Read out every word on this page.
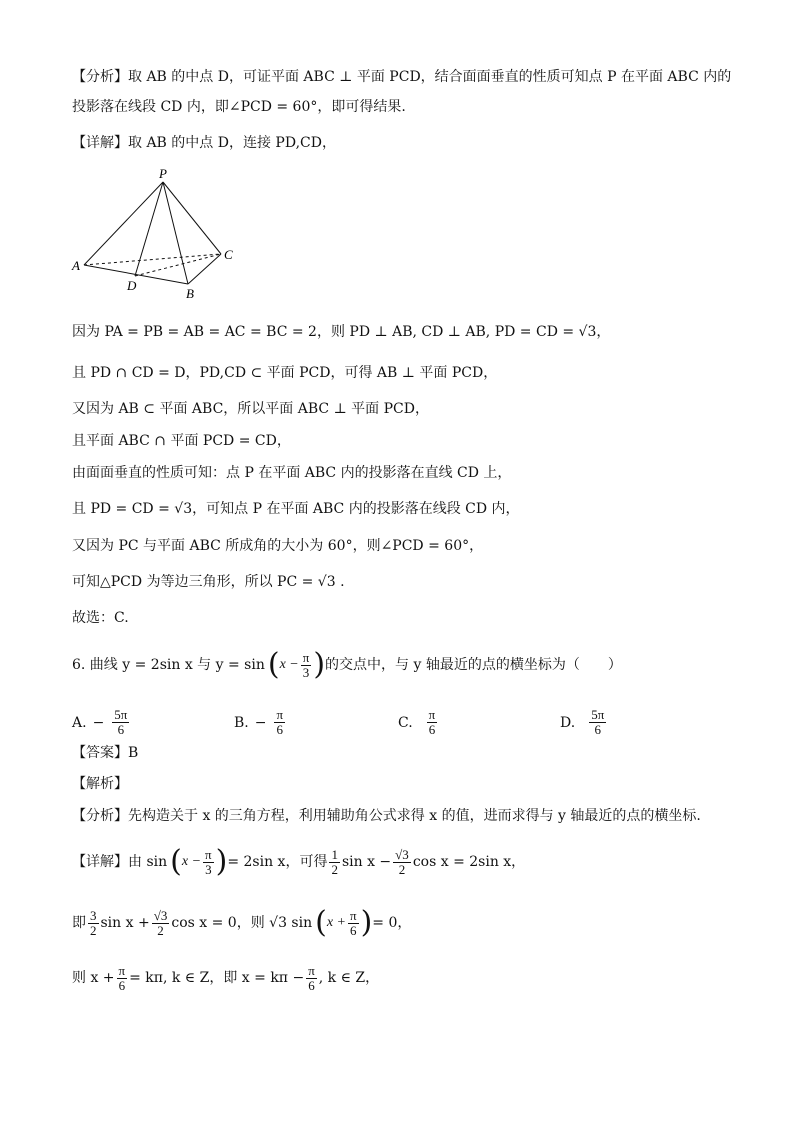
【分析】取 AB 的中点 D，可证平面 ABC ⊥ 平面 PCD，结合面面垂直的性质可知点 P 在平面 ABC 内的投影落在线段 CD 内，即∠PCD = 60°，即可得结果.
【详解】取 AB 的中点 D，连接 PD,CD，
P
A
D
B
C
因为 PA = PB = AB = AC = BC = 2，则 PD ⊥ AB, CD ⊥ AB, PD = CD = √3，
且 PD ∩ CD = D，PD,CD ⊂ 平面 PCD，可得 AB ⊥ 平面 PCD，
又因为 AB ⊂ 平面 ABC，所以平面 ABC ⊥ 平面 PCD，
且平面 ABC ∩ 平面 PCD = CD，
由面面垂直的性质可知：点 P 在平面 ABC 内的投影落在直线 CD 上，
且 PD = CD = √3，可知点 P 在平面 ABC 内的投影落在线段 CD 内，
又因为 PC 与平面 ABC 所成角的大小为 60°，则∠PCD = 60°，
可知△PCD 为等边三角形，所以 PC = √3 .
故选：C.
6. 曲线 y = 2sin x 与 y = sin ( $x - \frac{\pi}{3}$ ) 的交点中，与 y 轴最近的点的横坐标为（　　）
A. − $\frac{5\pi}{6}$	B. − $\frac{\pi}{6}$	C. $\frac{\pi}{6}$	D. $\frac{5\pi}{6}$
【答案】B
【解析】
【分析】先构造关于 x 的三角方程，利用辅助角公式求得 x 的值，进而求得与 y 轴最近的点的横坐标.
【详解】由 sin ( $x - \frac{\pi}{3}$ ) = 2sin x，可得 $\frac{1}{2}$ $\sin x - \frac{√3}{2}$ cos x = 2sin x，
即 $\frac{3}{2}$ $\sin x + \frac{√3}{2}$ cos x = 0，则 √3 sin ( $x + \frac{\pi}{6}$ ) = 0，
则 $x + \frac{\pi}{6} = k\pi$, k ∈ Z，即 $x = k\pi - \frac{\pi}{6}$ , k ∈ Z，
